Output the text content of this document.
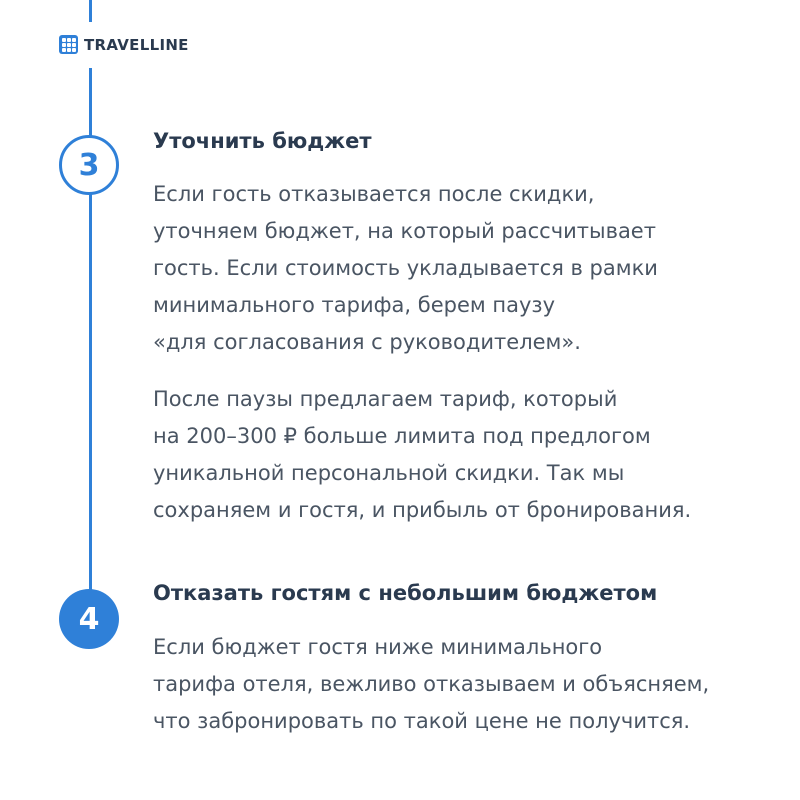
TRAVELLINE
3
Уточнить бюджет
Если гость отказывается после скидки,
уточняем бюджет, на который рассчитывает
гость. Если стоимость укладывается в рамки
минимального тарифа, берем паузу
«для согласования с руководителем».
После паузы предлагаем тариф, который
на 200–300 ₽ больше лимита под предлогом
уникальной персональной скидки. Так мы
сохраняем и гостя, и прибыль от бронирования.
4
Отказать гостям с небольшим бюджетом
Если бюджет гостя ниже минимального
тарифа отеля, вежливо отказываем и объясняем,
что забронировать по такой цене не получится.
